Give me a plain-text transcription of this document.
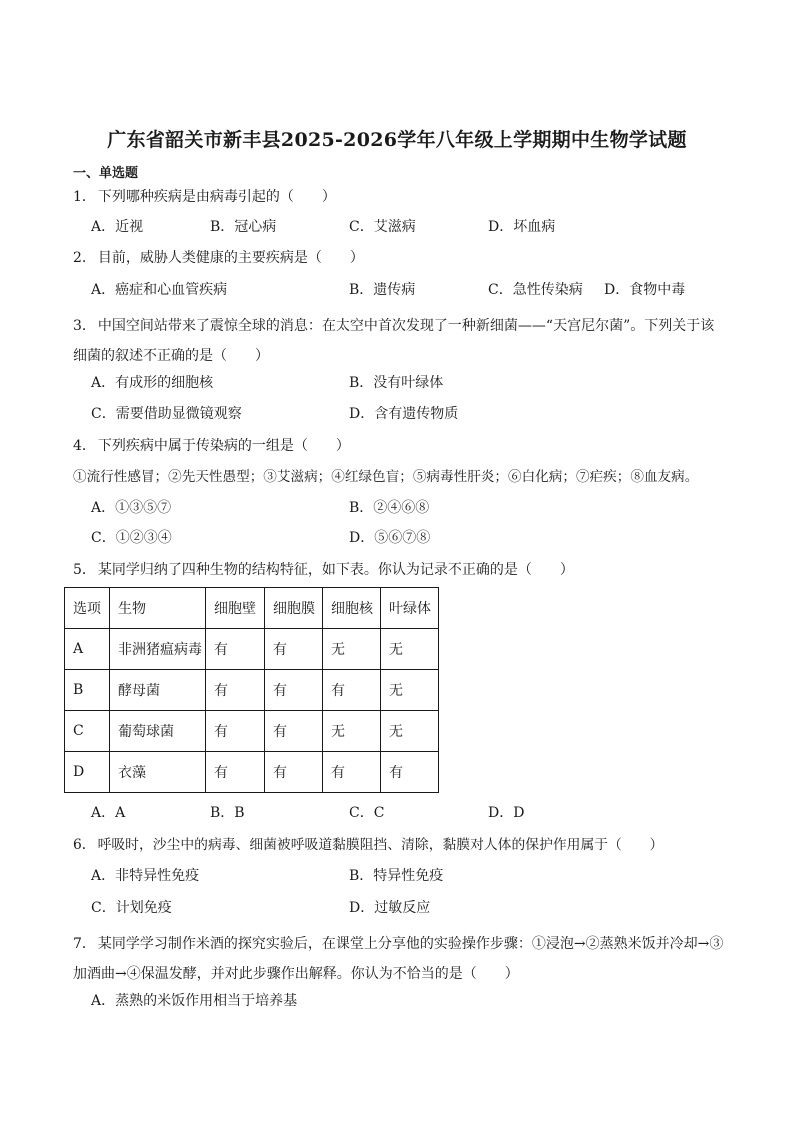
广东省韶关市新丰县2025-2026学年八年级上学期期中生物学试题
一、单选题
1． 下列哪种疾病是由病毒引起的（　　）
A．近视	B．冠心病	C．艾滋病	D．坏血病
2． 目前，威胁人类健康的主要疾病是（　　）
A．癌症和心血管疾病	B．遗传病	C．急性传染病 D．食物中毒
3． 中国空间站带来了震惊全球的消息：在太空中首次发现了一种新细菌——“天宫尼尔菌”。下列关于该细菌的叙述不正确的是（　　）
A．有成形的细胞核	B．没有叶绿体
C．需要借助显微镜观察	D．含有遗传物质
4． 下列疾病中属于传染病的一组是（　　）
①流行性感冒；②先天性愚型；③艾滋病；④红绿色盲；⑤病毒性肝炎；⑥白化病；⑦疟疾；⑧血友病。
A．①③⑤⑦	B．②④⑥⑧
C．①②③④	D．⑤⑥⑦⑧
5． 某同学归纳了四种生物的结构特征，如下表。你认为记录不正确的是（　　）
选项	生物	细胞壁	细胞膜	细胞核	叶绿体
A	非洲猪瘟病毒	有	有	无	无
B	酵母菌	有	有	有	无
C	葡萄球菌	有	有	无	无
D	衣藻	有	有	有	有
A．A	B．B	C．C	D．D
6． 呼吸时，沙尘中的病毒、细菌被呼吸道黏膜阻挡、清除，黏膜对人体的保护作用属于（　　）
A．非特异性免疫	B．特异性免疫
C．计划免疫	D．过敏反应
7． 某同学学习制作米酒的探究实验后，在课堂上分享他的实验操作步骤：①浸泡→②蒸熟米饭并冷却→③加酒曲→④保温发酵，并对此步骤作出解释。你认为不恰当的是（　　）
A．蒸熟的米饭作用相当于培养基
